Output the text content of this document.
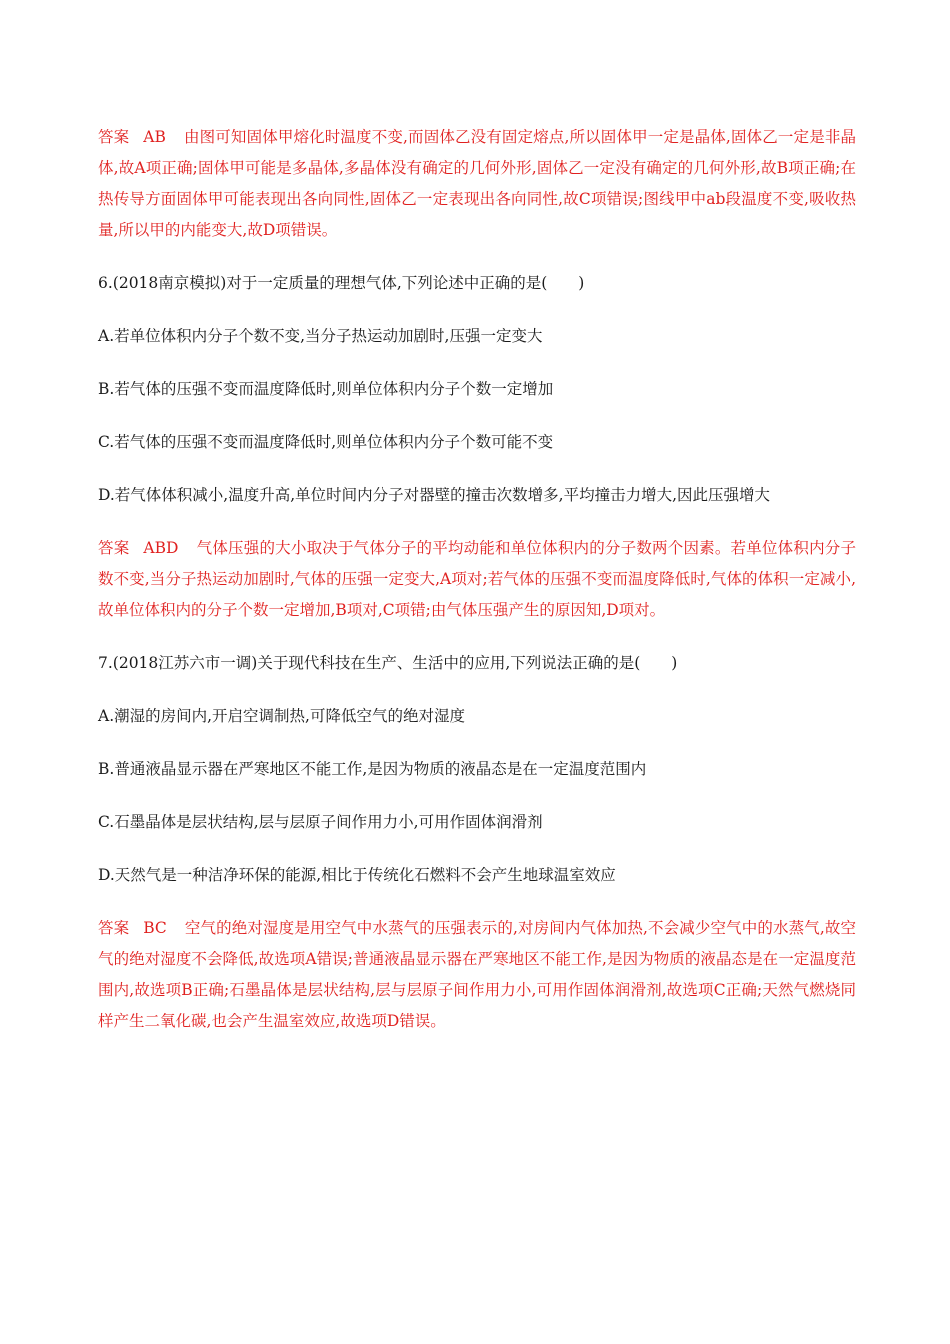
答案 AB 由图可知固体甲熔化时温度不变,而固体乙没有固定熔点,所以固体甲一定是晶体,固体乙一定是非晶体,故A项正确;固体甲可能是多晶体,多晶体没有确定的几何外形,固体乙一定没有确定的几何外形,故B项正确;在热传导方面固体甲可能表现出各向同性,固体乙一定表现出各向同性,故C项错误;图线甲中ab段温度不变,吸收热量,所以甲的内能变大,故D项错误。

6.(2018南京模拟)对于一定质量的理想气体,下列论述中正确的是(　　)

A.若单位体积内分子个数不变,当分子热运动加剧时,压强一定变大

B.若气体的压强不变而温度降低时,则单位体积内分子个数一定增加

C.若气体的压强不变而温度降低时,则单位体积内分子个数可能不变

D.若气体体积减小,温度升高,单位时间内分子对器壁的撞击次数增多,平均撞击力增大,因此压强增大

答案 ABD 气体压强的大小取决于气体分子的平均动能和单位体积内的分子数两个因素。若单位体积内分子数不变,当分子热运动加剧时,气体的压强一定变大,A项对;若气体的压强不变而温度降低时,气体的体积一定减小,故单位体积内的分子个数一定增加,B项对,C项错;由气体压强产生的原因知,D项对。

7.(2018江苏六市一调)关于现代科技在生产、生活中的应用,下列说法正确的是(　　)

A.潮湿的房间内,开启空调制热,可降低空气的绝对湿度

B.普通液晶显示器在严寒地区不能工作,是因为物质的液晶态是在一定温度范围内

C.石墨晶体是层状结构,层与层原子间作用力小,可用作固体润滑剂

D.天然气是一种洁净环保的能源,相比于传统化石燃料不会产生地球温室效应

答案 BC 空气的绝对湿度是用空气中水蒸气的压强表示的,对房间内气体加热,不会减少空气中的水蒸气,故空气的绝对湿度不会降低,故选项A错误;普通液晶显示器在严寒地区不能工作,是因为物质的液晶态是在一定温度范围内,故选项B正确;石墨晶体是层状结构,层与层原子间作用力小,可用作固体润滑剂,故选项C正确;天然气燃烧同样产生二氧化碳,也会产生温室效应,故选项D错误。
